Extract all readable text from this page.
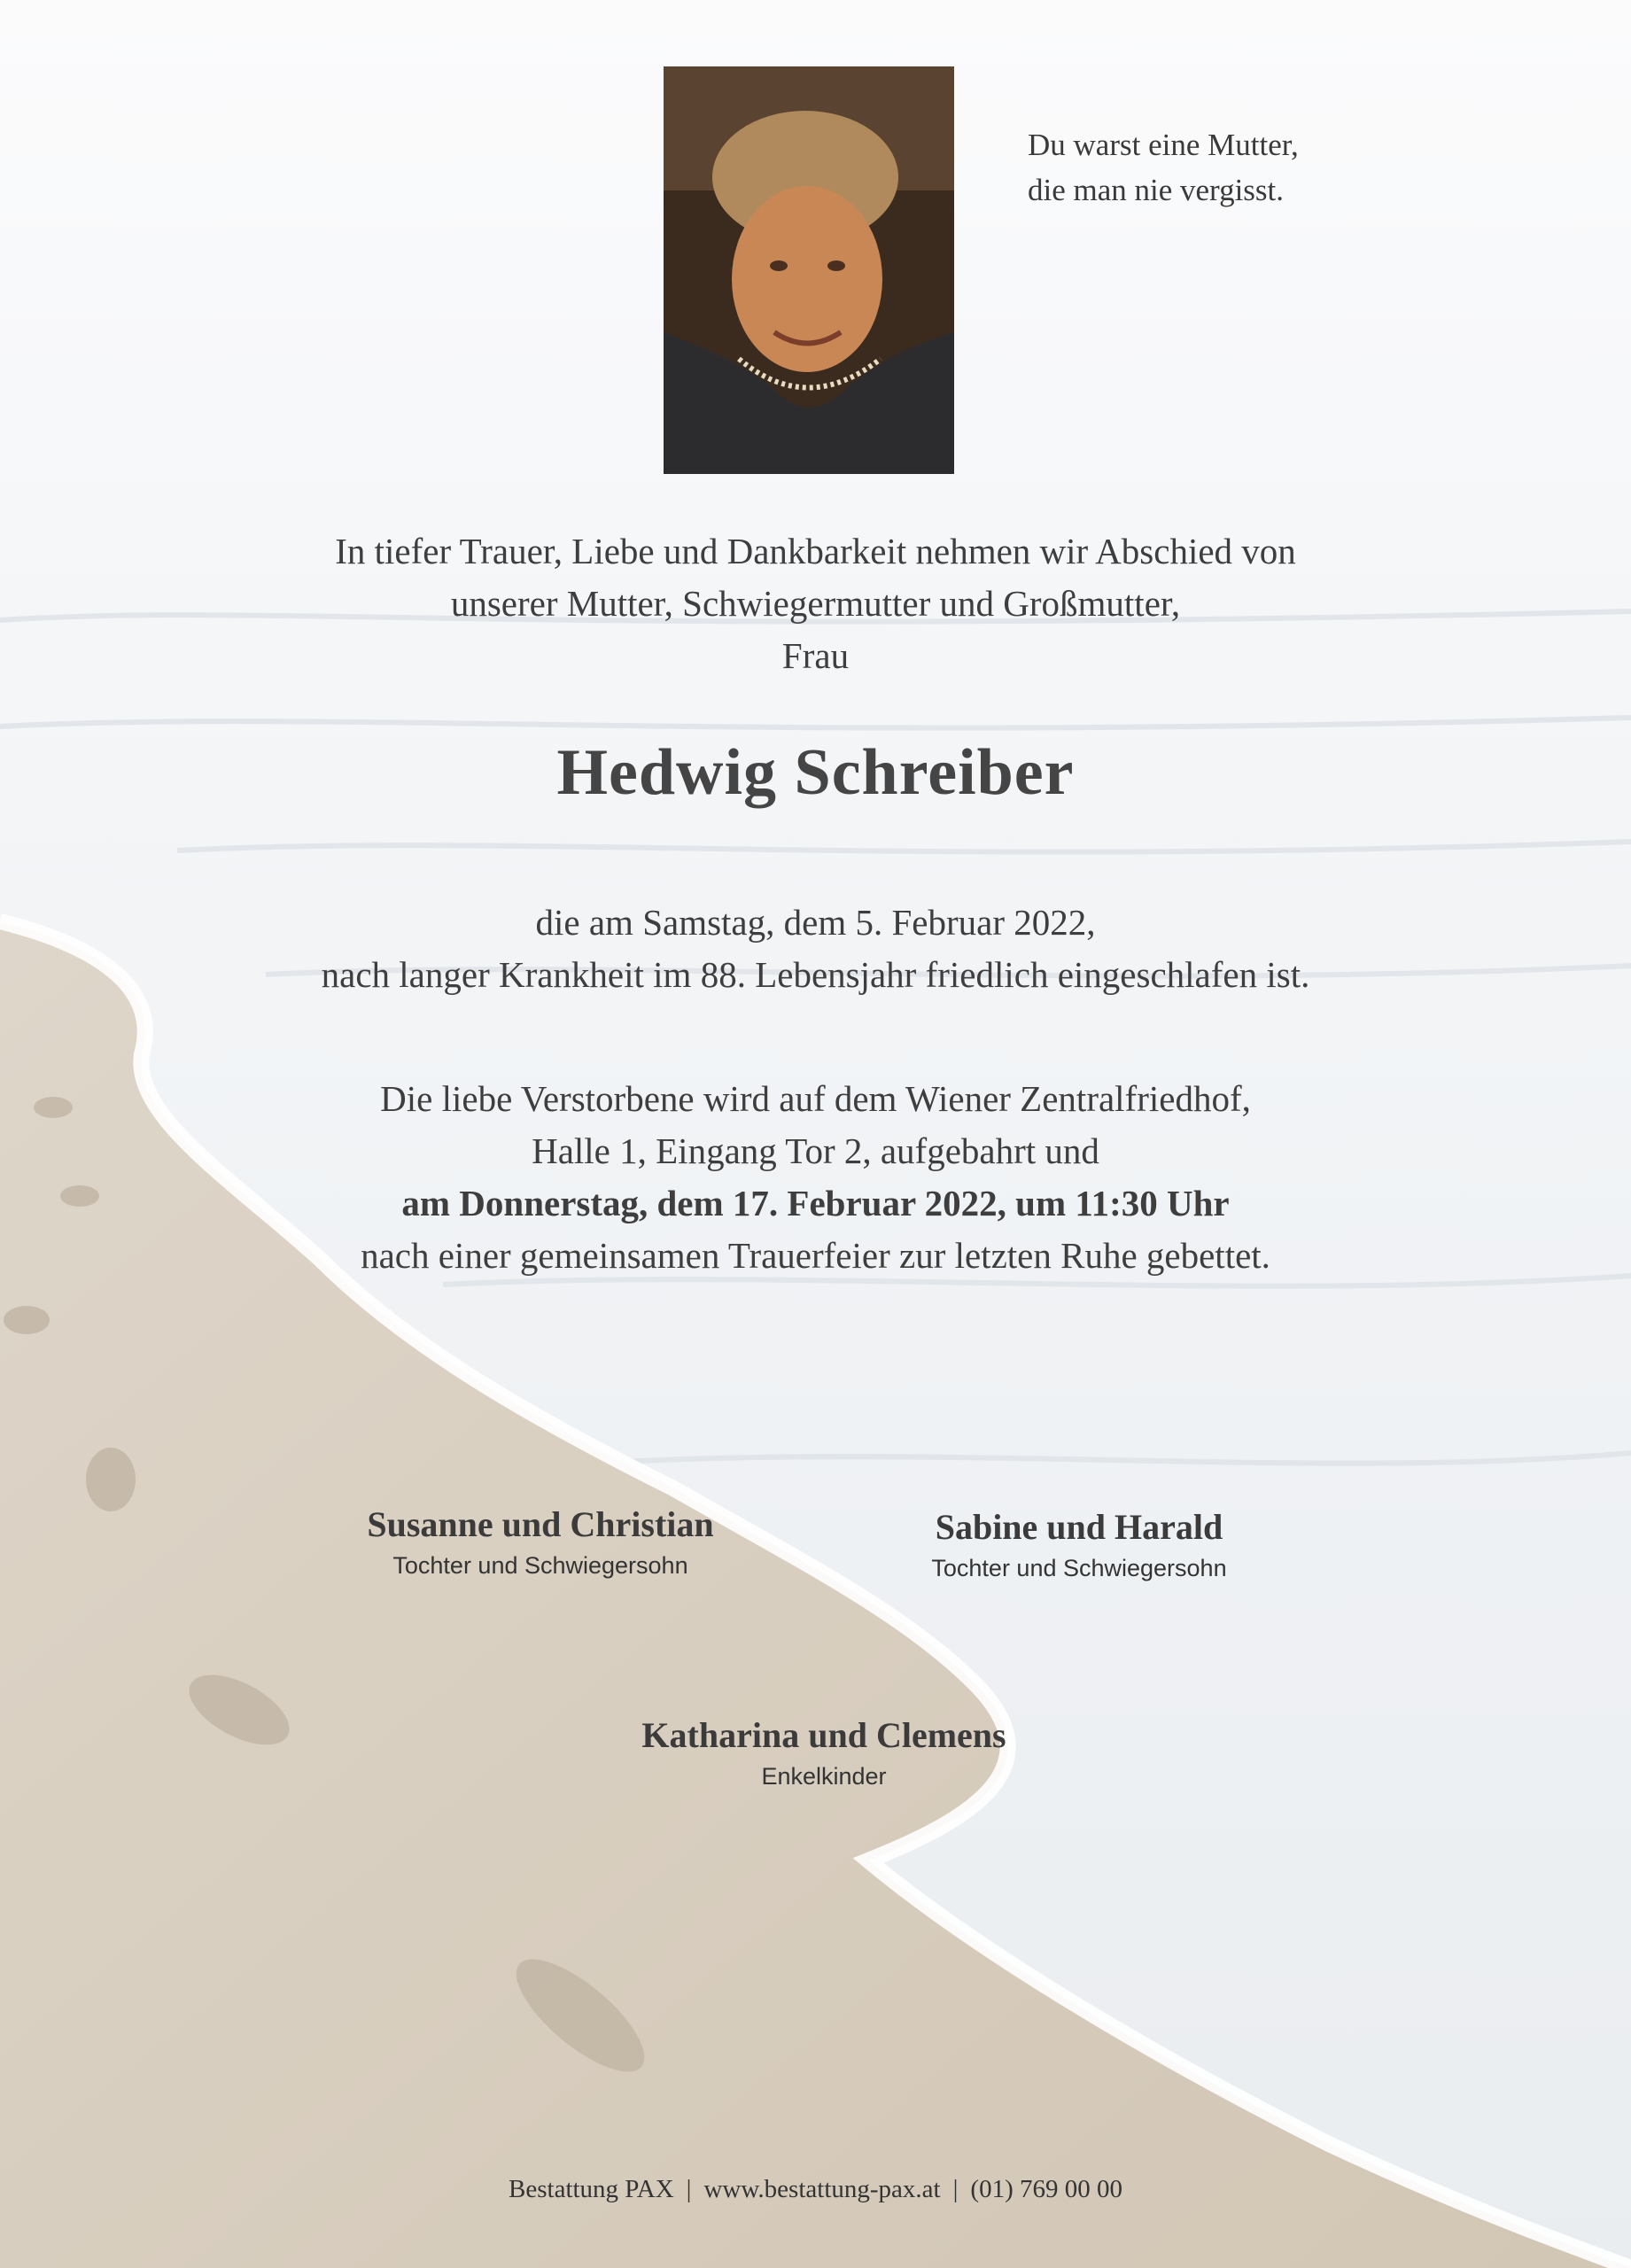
Du warst eine Mutter,
die man nie vergisst.
In tiefer Trauer, Liebe und Dankbarkeit nehmen wir Abschied von
unserer Mutter, Schwiegermutter und Großmutter,
Frau
Hedwig Schreiber
die am Samstag, dem 5. Februar 2022,
nach langer Krankheit im 88. Lebensjahr friedlich eingeschlafen ist.
Die liebe Verstorbene wird auf dem Wiener Zentralfriedhof,
Halle 1, Eingang Tor 2, aufgebahrt und
am Donnerstag, dem 17. Februar 2022, um 11:30 Uhr
nach einer gemeinsamen Trauerfeier zur letzten Ruhe gebettet.
Susanne und Christian
Tochter und Schwiegersohn
Sabine und Harald
Tochter und Schwiegersohn
Katharina und Clemens
Enkelkinder
Bestattung PAX | www.bestattung-pax.at | (01) 769 00 00
